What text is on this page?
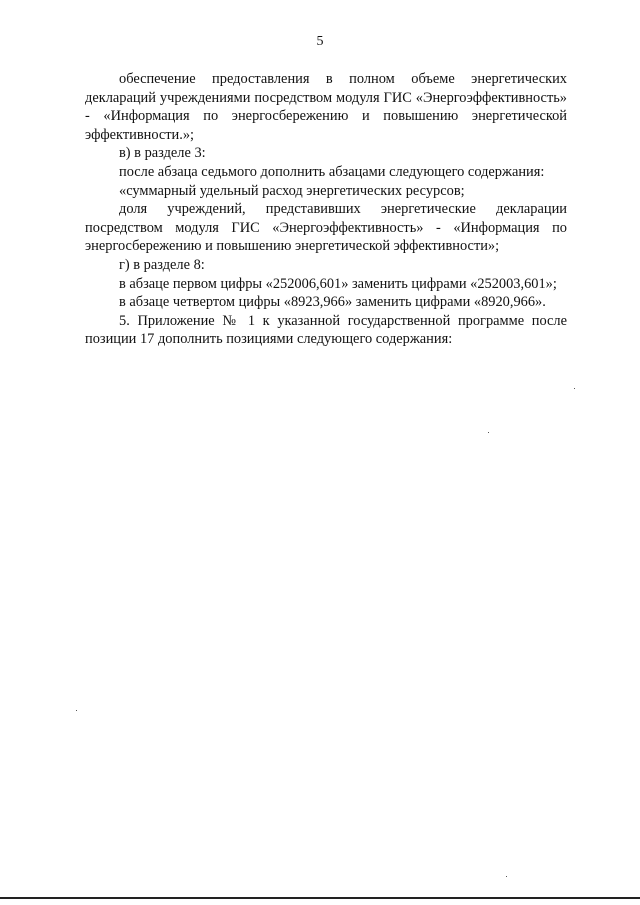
5

обеспечение предоставления в полном объеме энергетических деклараций учреждениями посредством модуля ГИС «Энергоэффективность» - «Информация по энергосбережению и повышению энергетической эффективности.»;

в) в разделе 3:

после абзаца седьмого дополнить абзацами следующего содержания:

«суммарный удельный расход энергетических ресурсов;

доля учреждений, представивших энергетические декларации посредством модуля ГИС «Энергоэффективность» - «Информация по энергосбережению и повышению энергетической эффективности»;

г) в разделе 8:

в абзаце первом цифры «252006,601» заменить цифрами «252003,601»;

в абзаце четвертом цифры «8923,966» заменить цифрами «8920,966».

5. Приложение № 1 к указанной государственной программе после позиции 17 дополнить позициями следующего содержания:
